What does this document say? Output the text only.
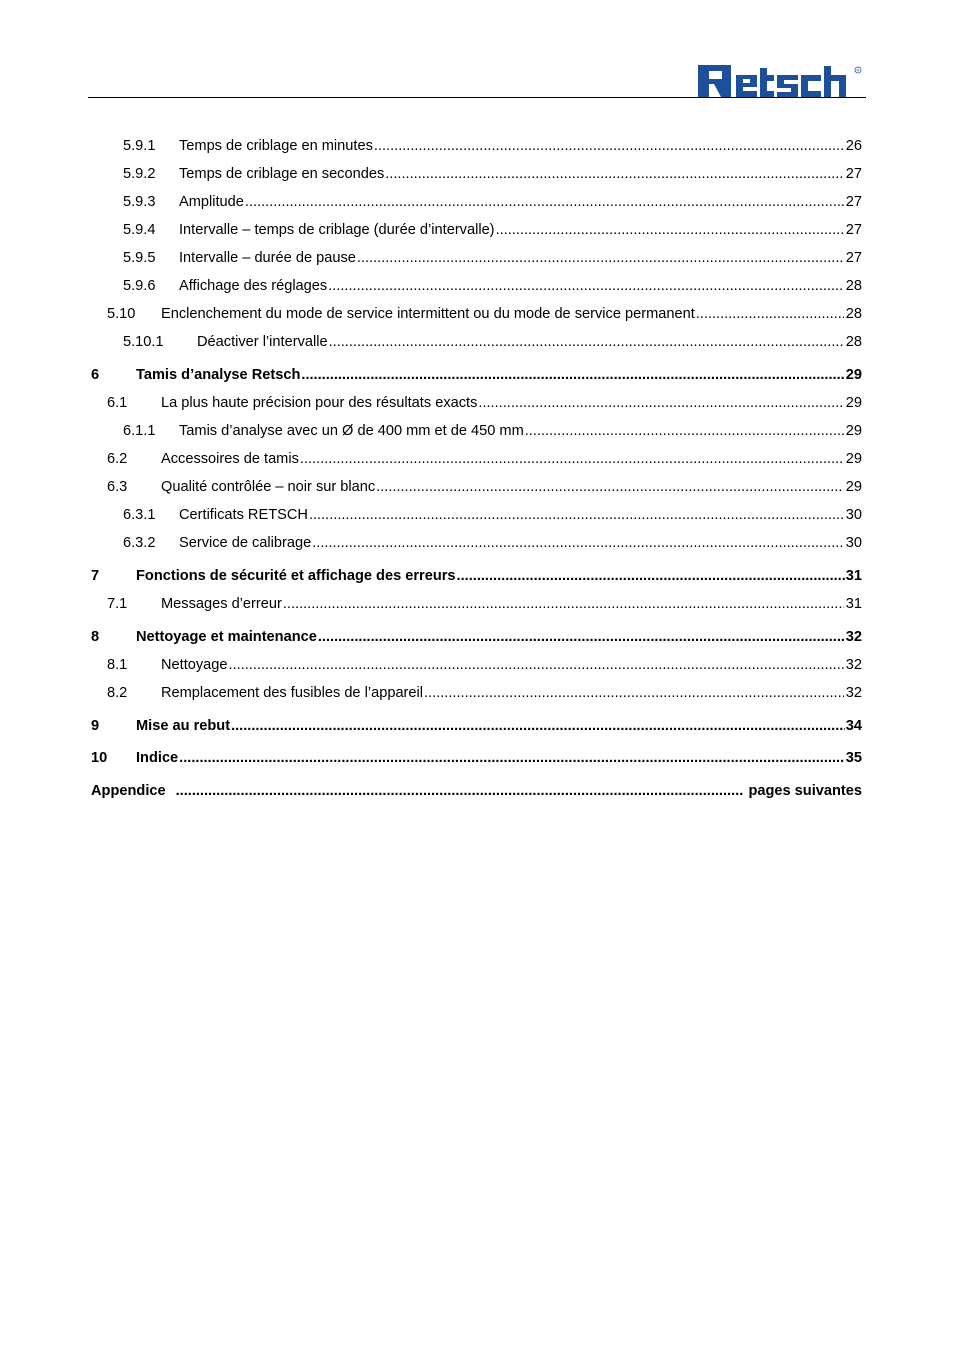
R
5.9.1	Temps de criblage en minutes .....	26
5.9.2	Temps de criblage en secondes .....	27
5.9.3	Amplitude .....	27
5.9.4	Intervalle – temps de criblage (durée d’intervalle) .....	27
5.9.5	Intervalle – durée de pause .....	27
5.9.6	Affichage des réglages .....	28
5.10	Enclenchement du mode de service intermittent ou du mode de service permanent .....	28
5.10.1	Déactiver l’intervalle .....	28
6	Tamis d’analyse Retsch .....	29
6.1	La plus haute précision pour des résultats exacts .....	29
6.1.1	Tamis d’analyse avec un Ø de 400 mm et de 450 mm .....	29
6.2	Accessoires de tamis .....	29
6.3	Qualité contrôlée – noir sur blanc .....	29
6.3.1	Certificats RETSCH .....	30
6.3.2	Service de calibrage .....	30
7	Fonctions de sécurité et affichage des erreurs .....	31
7.1	Messages d’erreur .....	31
8	Nettoyage et maintenance .....	32
8.1	Nettoyage .....	32
8.2	Remplacement des fusibles de l’appareil .....	32
9	Mise au rebut .....	34
10	Indice .....	35
Appendice .....	pages suivantes
